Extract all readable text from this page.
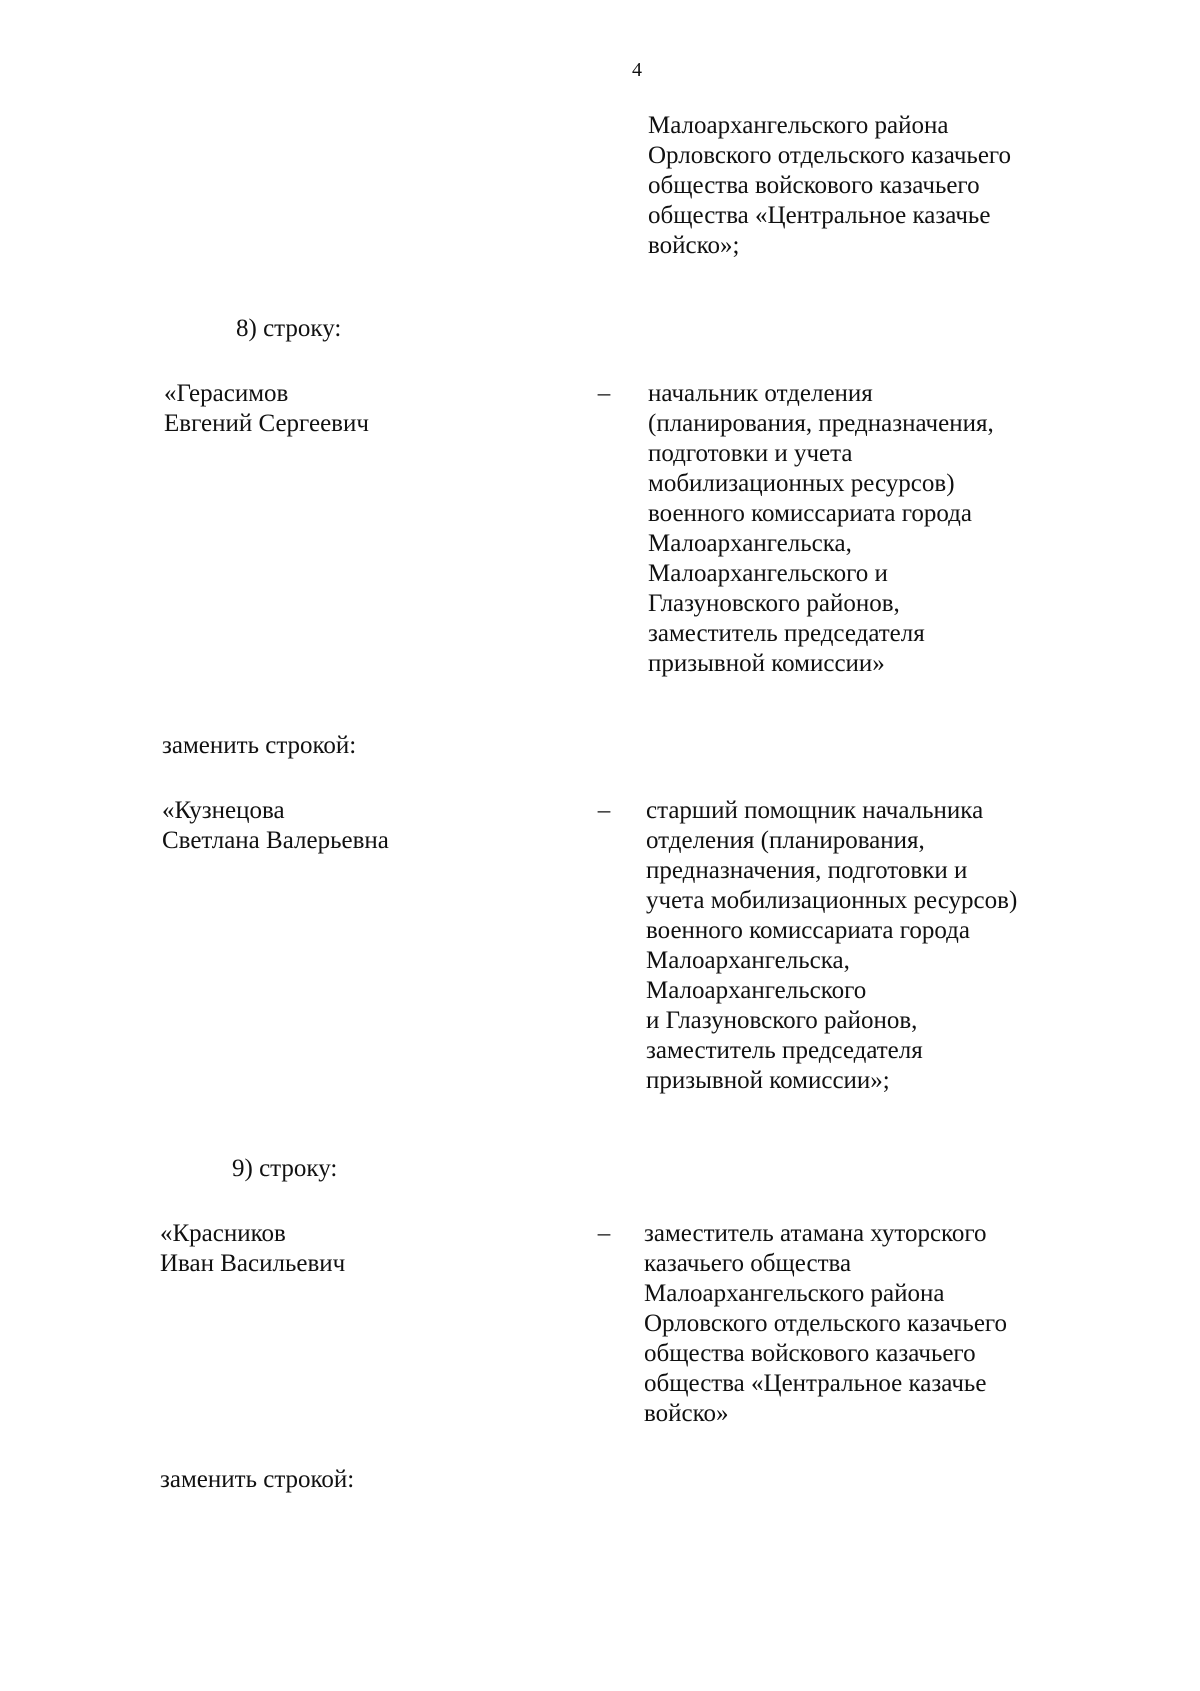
4
Малоархангельского района
Орловского отдельского казачьего
общества войскового казачьего
общества «Центральное казачье
войско»;
8) строку:
«Герасимов
Евгений Сергеевич
– начальник отделения
(планирования, предназначения,
подготовки и учета
мобилизационных ресурсов)
военного комиссариата города
Малоархангельска,
Малоархангельского и
Глазуновского районов,
заместитель председателя
призывной комиссии»
заменить строкой:
«Кузнецова
Светлана Валерьевна
– старший помощник начальника
отделения (планирования,
предназначения, подготовки и
учета мобилизационных ресурсов)
военного комиссариата города
Малоархангельска,
Малоархангельского
и Глазуновского районов,
заместитель председателя
призывной комиссии»;
9) строку:
«Красников
Иван Васильевич
– заместитель атамана хуторского
казачьего общества
Малоархангельского района
Орловского отдельского казачьего
общества войскового казачьего
общества «Центральное казачье
войско»
заменить строкой:
